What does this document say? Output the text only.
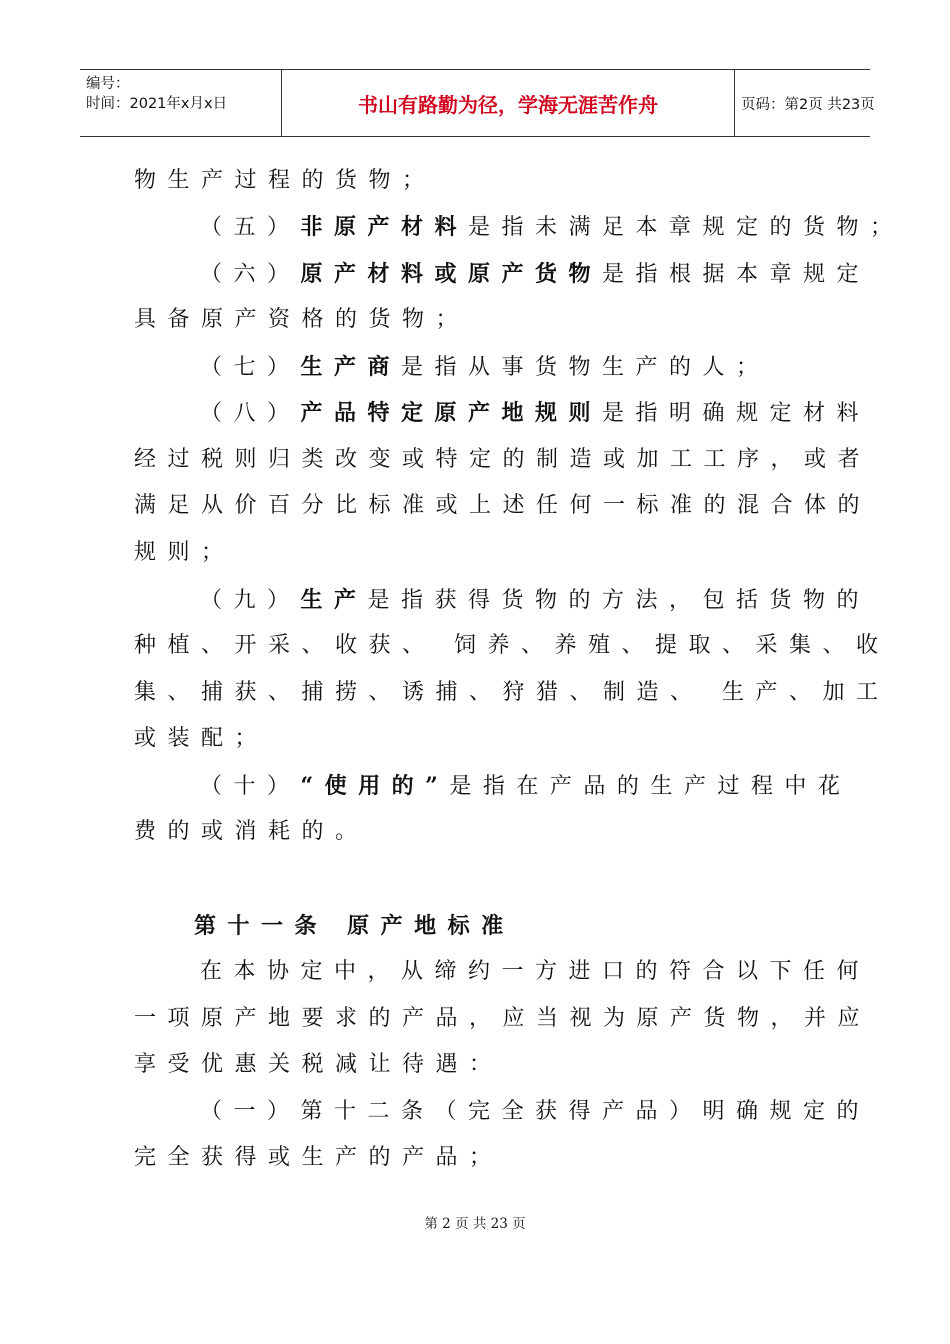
编号：
时间：2021年x月x日	书山有路勤为径，学海无涯苦作舟	页码：第2页 共23页
物生产过程的货物；
（五）非原产材料是指未满足本章规定的货物；
（六）原产材料或原产货物是指根据本章规定
具备原产资格的货物；
（七）生产商是指从事货物生产的人；
（八）产品特定原产地规则是指明确规定材料
经过税则归类改变或特定的制造或加工工序，或者
满足从价百分比标准或上述任何一标准的混合体的
规则；
（九）生产是指获得货物的方法，包括货物的
种植、开采、收获、 饲养、养殖、提取、采集、收
集、捕获、捕捞、诱捕、狩猎、制造、 生产、加工
或装配；
（十）“使用的”是指在产品的生产过程中花
费的或消耗的。
第十一条 原产地标准
在本协定中，从缔约一方进口的符合以下任何
一项原产地要求的产品，应当视为原产货物，并应
享受优惠关税减让待遇：
（一）第十二条（完全获得产品）明确规定的
完全获得或生产的产品；
第 2 页 共 23 页
